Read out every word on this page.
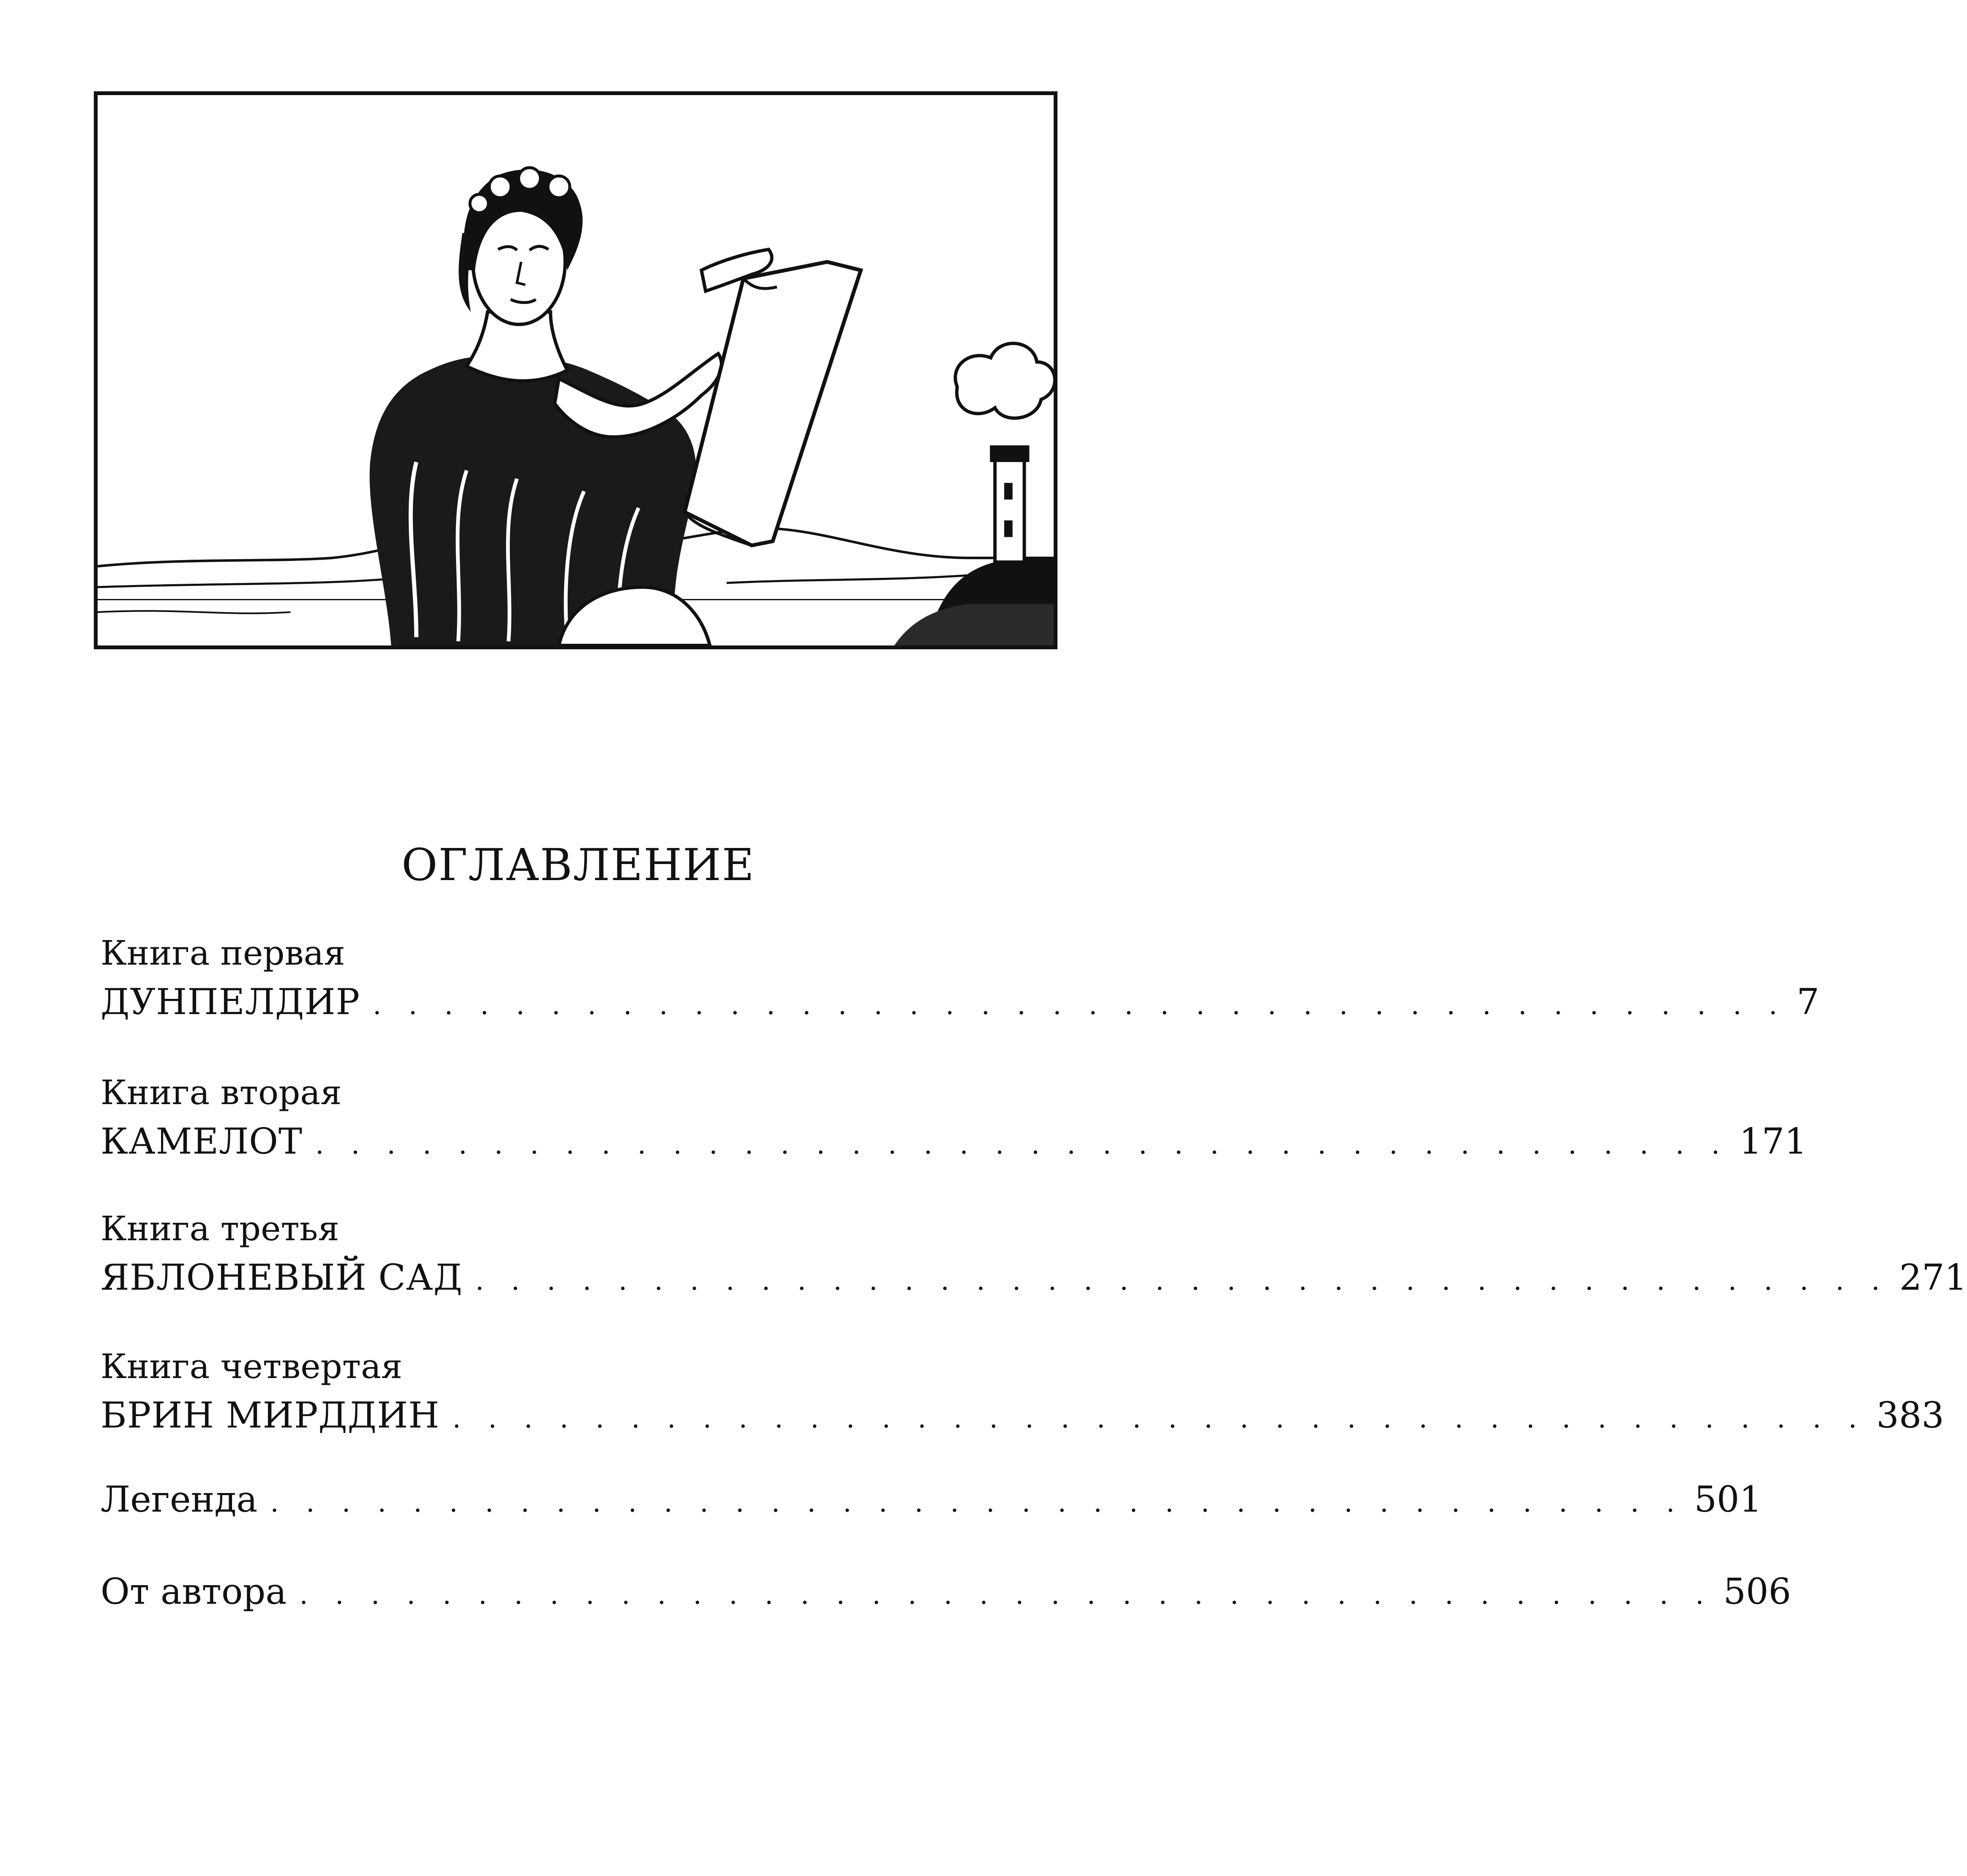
ОГЛАВЛЕНИЕ
Книга первая
ДУНПЕЛДИР . . . . . . . . . . . . . . . . . . . . . . . . . . . . . . . . . . . . . . . . 7
Книга вторая
КАМЕЛОТ . . . . . . . . . . . . . . . . . . . . . . . . . . . . . . . . . . . . . . . . 171
Книга третья
ЯБЛОНЕВЫЙ САД . . . . . . . . . . . . . . . . . . . . . . . . . . . . . . . . . . . . . . . . 271
Книга четвертая
БРИН МИРДДИН . . . . . . . . . . . . . . . . . . . . . . . . . . . . . . . . . . . . . . . . 383
Легенда . . . . . . . . . . . . . . . . . . . . . . . . . . . . . . . . . . . . . . . . 501
От автора . . . . . . . . . . . . . . . . . . . . . . . . . . . . . . . . . . . . . . . . 506
